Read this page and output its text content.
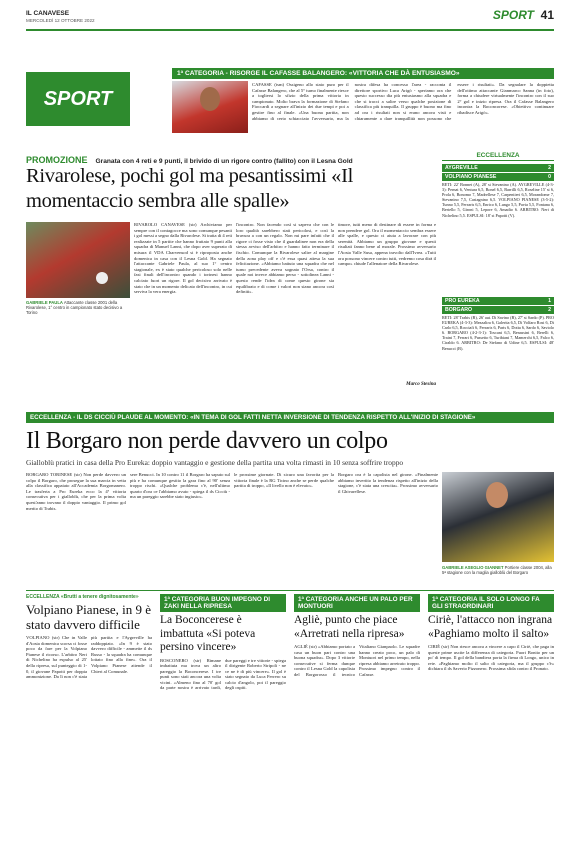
IL CANAVESE
MERCOLEDÌ 12 OTTOBRE 2022	SPORT 41
SPORT
1ª CATEGORIA - RISORGE IL CAFASSE BALANGERO: «VITTORIA CHE DÀ ENTUSIASMO»
CAFASSE (tsm) Ossigeno allo stato puro per il Cafasse Balangero, che al 5° turno finalmente riesce a togliersi lo sfizio della prima vittoria in campionato. Molto brava la formazione di Stefano Fioccardi a segnare all'inizio dei due tempi e poi a gestire fino al finale. «Una buona partita, non abbiamo di certo schiacciato l'avversario, ma la nostra difesa ha concesso l'area - racconta il direttore sportivo Luca Arigò - speriamo ora che questo successo dia più entusiasmo alla squadra e che si tracci a salire verso qualche posizione di classifica più tranquilla. Il gruppo è buono ma fino ad ora i risultati non si erano ancora visti e chiaramente a dare tranquillità non possono che essere i risultati». Da segnalare la doppietta dell'ottimo attaccante Gianmarco Sanna (in foto), forma a chiudere virtualmente l'incontro con il suo 2° gol e inizio ripresa. Ora il Cafasse Balangero incontra la Boconcorese. «Obiettivo continuare ribadisce Arigò».
PROMOZIONE Granata con 4 reti e 9 punti, il brivido di un rigore contro (fallito) con il Lesna Gold
Rivarolese, pochi gol ma pesantissimi «Il momentaccio sembra alle spalle»
GABRIELE PAULA Attaccante classe 2001 della Rivarolese, 1° centro in campionato stato decisivo a Torino
RIVAROLO CANAVESE (str) Archiviamo per sempre con il contagocce ma sono comunque pesanti i gol messi a segno dalla Rivarolese. Si tratta di 4 reti realizzate in 5 partite che hanno fruttato 9 punti alla squadra di Manuel Lanni, che dopo aver superato di misura il VDA Charvensod si è riproposta anche domenica in casa con il Lesna Gold. Ha segnato l'attaccante Gabriele Paula, al suo 1° centro stagionale, ex è stato qualche pericoloso solo nelle fasi finali dell'incontro quando i torinesi hanno calciato fuori un rigore. Il gol decisivo arrivato è stato che in un momento delicato dell'incontro, in cui serviva la vera energia.
l'incontro. Non facendo così si sapeva che con le loro qualità sarebbero stati pericolosi, e così la bravura a con un regalo. Non mi pare infatti che il rigore ci fosse visto che il guardalinee non era della stessa avviso dell'arbitro e hanno fatto terminare il fischio. Comunque la Rivarolese salire al margine della zona play off e c'è essa quasi attesa la sua felicitazione. «Abbiamo battuto una squadra che nel turno precedente aveva sognato l'Orsa, contro il quale noi invece abbiamo perso - sottolinea Lanni - questo rende l'idea di come questo girone sia equilibrato e di come i valori non siano ancora così definiti».
timore, tutti meno di destinare di essere in forma e non prendere gol. Ora il momentaccio sembra essere alle spalle, e questo ci aiuta a lavorare con più serenità. Abbiamo un gruppo giovane e questi risultati fanno bene al morale. Prossimo avversario l'Aosta Valle Susa, appena travolto dall'Ivrea. «Tutti ora possono vincere contro tutti, vedremo cosa dirà il campo» chiude l'allenatore della Rivarolese.
Marco Stesina
ECCELLENZA
AYGREVILLE	2
VOLPIANO PIANESE	0
RETI: 22' Bonnet (A), 28' st Stevanino (A). AYGREVILLE (4-3-3): Pernat 6, Ventura 6,5, Bonel 6,5, Barrilli 6,5, Roseline 15' st 6, Prola 6, Bonomo 7, Madrellese 7, Carpentieri 6,5, Morandome 7, Stevanino 7,5, Castagnino 6,5. VOLPIANO PIANESE (3-5-2): Tunno 5,5, Ferraris 6,5, Enrico 6, Lungo 5,5, Pavia 5,5, Fontana 6, Bertello 5, Gironi 5, Lepore 6, Amadio 6. ARBITRO: Neri di Nichelino 5,5. ESPULSI: 18' st Papotti (V).
PRO EUREKA	1
BORGARO	2
RETI: 28' Trabis (B), 26' aut. Di Savino (B), 27' st Sardo (P). PRO EUREKA (4-3-3): Mezzalira 6, Galerita 6,5, Di Volfaro Rosi 6, Di Carlo 6,5, Rocciafi 6, Ferraris 6, Paris 6, Dotta 6, Sardo 6, Saviolo 6. BORGARO (4-2-3-1): Toscani 6,5, Benassini 6, Berelli 6, Traini 7, Ferrari 6, Pussetto 6, Turibiani 7, Mamerchi 6,5, Falco 6, Ciraldo 6. ARBITRO: De Stefano di Udine 6,5. ESPULSI: 48' Benucci (B).
ECCELLENZA - IL DS CICCIÙ PLAUDE AL MOMENTO: «IN TEMA DI GOL FATTI NETTA INVERSIONE DI TENDENZA RISPETTO ALL'INIZIO DI STAGIONE»
Il Borgaro non perde davvero un colpo
Gialloblù pratici in casa della Pro Eureka: doppio vantaggio e gestione della partita una volta rimasti in 10 senza soffrire troppo
BORGARO TORINESE (str) Non perde davvero un colpo il Borgaro, che prosegue la sua marcia in vetta alla classifica appaiato all'Accademia Borgomanero. Le trasferta a Pro Eureka ecco la 4ª vittoria consecutiva per i gialloblù, che per la prima volta quest'anno trovano il doppio vantaggio. Il primo gol merito di Trabis.
sere Benucci. In 10 contro 11 il Borgaro ha saputo sul più e ha comunque gestito la gara fino al 90' senza troppo rischi. «Qualche problema c'è, nell'ultimo quarto d'ora ce l'abbiamo avuto - spiega il ds Cicciù - ma un pareggio sarebbe stato ingiusto».
le prossime giornate. Di sicuro una favorita per la vittoria finale è la RG Ticino anche se perde qualche partita di troppo, «Il livello non è elevato».
Borgaro ora è la capolista nel girone. «Finalmente abbiamo invertito la tendenza rispetto all'inizio della stagione, c'è stata una crescita». Prossimo avversario il Ghivarellese.
GABRIELE ASEGLIO GIANNET Portiere classe 2004, alla 5ª stagione con la maglia gialloblù del Borgaro
ECCELLENZA «Brutti a tenere dignitosamente»
Volpiano Pianese, in 9 è stato davvero difficile
VOLPIANO (str) Che in Valle d'Aosta domenica scorsa ci fosse poco da fare per la Volpiano Pianese il ricorso. L'arbitro Neri di Nichelino ha espulso al 25' della ripresa, sul punteggio di 1-0, il giovane Papotti per doppia ammonizione. Da lì non c'è stata più partita e l'Aygreville ha raddoppiato. «In 9 è stato davvero difficile - ammette il ds Russo - la squadra ha comunque lottato fino alla fine». Ora il Volpiano Pianese attende il Chieri al Comunale.
1ª CATEGORIA BUON IMPEGNO DI ZAKI NELLA RIPRESA
La Boconcerese è imbattuta «Si poteva persino vincere»
BOSCONERO (str) Rimane imbattuta ma trova un altro pareggio la Boconcerese. I tre punti sono stati ancora una volta vicini. «Almeno fino al 70' gol da parte nostra è arrivato tardi, due pareggi e tre vittorie - spiega il dirigente Roberto Stripoli - ne ce ne è di più vincere». Il gol è stato segnato da Luca Ferrero su calcio d'angolo, poi il pareggio degli ospiti.
1ª CATEGORIA ANCHE UN PALO PER MONTUORI
Agliè, punto che piace «Arretrati nella ripresa»
AGLIÈ (str) «Abbiamo portato a casa un buon pari contro una buona squadra». Dopo 3 vittorie consecutive si ferma dunque contro il Lesna Gold la capolista del Borgorosso il tecnico Vitaliano Gianpaolo. Le squadre hanno creato poco, un palo di Montuori nel primo tempo, nella ripresa abbiamo arretrato troppo. Prossimo impegno contro il Cafasse.
1ª CATEGORIA IL SOLO LONGO FA GLI STRAORDINARI
Ciriè, l'attacco non ingrana «Paghiamo molto il salto»
CIRIÈ (str) Non riesce ancora a vincere a capo il Ciriè, che paga in queste prime uscite la differenza di categoria. Fuori Bonito per un po' di tempo. Il gol della bandiera porta la firma di Longo, unico in rete. «Paghiamo molto il salto di categoria, ma il gruppo c'è» dichiara il ds Saverio Pizzonero. Prossima sfida contro il Pronato.
